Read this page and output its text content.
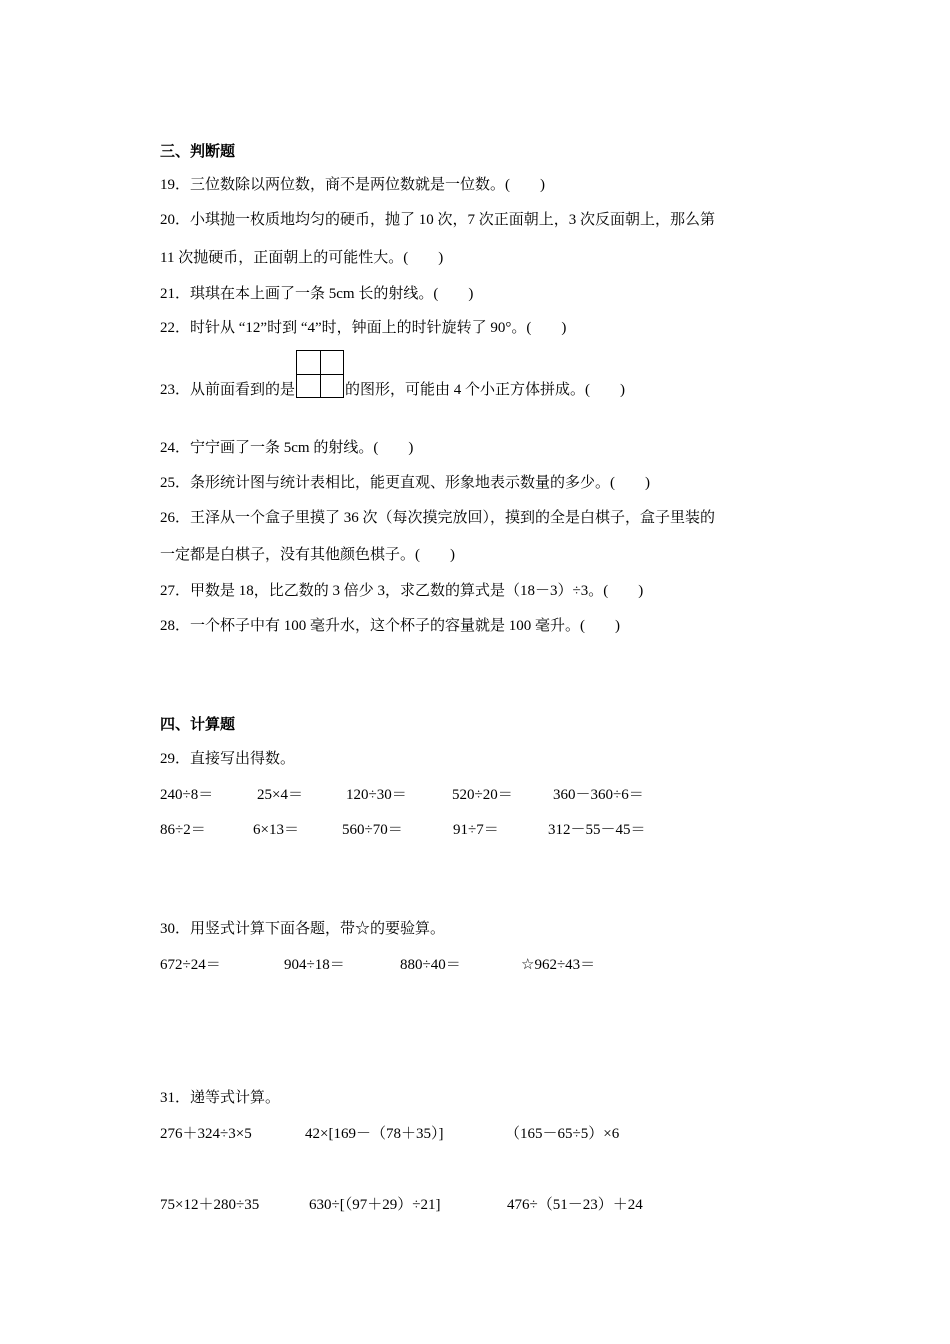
三、判断题
19．三位数除以两位数，商不是两位数就是一位数。(　　)
20．小琪抛一枚质地均匀的硬币，抛了 10 次，7 次正面朝上，3 次反面朝上，那么第
11 次抛硬币，正面朝上的可能性大。(　　)
21．琪琪在本上画了一条 5cm 长的射线。(　　)
22．时针从 “12”时到 “4”时，钟面上的时针旋转了 90°。(　　)
23．从前面看到的是	的图形，可能由 4 个小正方体拼成。(　　)
24．宁宁画了一条 5cm 的射线。(　　)
25．条形统计图与统计表相比，能更直观、形象地表示数量的多少。(　　)
26．王泽从一个盒子里摸了 36 次（每次摸完放回），摸到的全是白棋子，盒子里装的
一定都是白棋子，没有其他颜色棋子。(　　)
27．甲数是 18，比乙数的 3 倍少 3，求乙数的算式是（18－3）÷3。(　　)
28．一个杯子中有 100 毫升水，这个杯子的容量就是 100 毫升。(　　)
四、计算题
29．直接写出得数。
240÷8＝	25×4＝	120÷30＝	520÷20＝	360－360÷6＝
86÷2＝	6×13＝	560÷70＝	91÷7＝	312－55－45＝
30．用竖式计算下面各题，带☆的要验算。
672÷24＝	904÷18＝	880÷40＝	☆962÷43＝
31．递等式计算。
276＋324÷3×5	42×[169－（78＋35）]	（165－65÷5）×6
75×12＋280÷35	630÷[（97＋29）÷21]	476÷（51－23）＋24
